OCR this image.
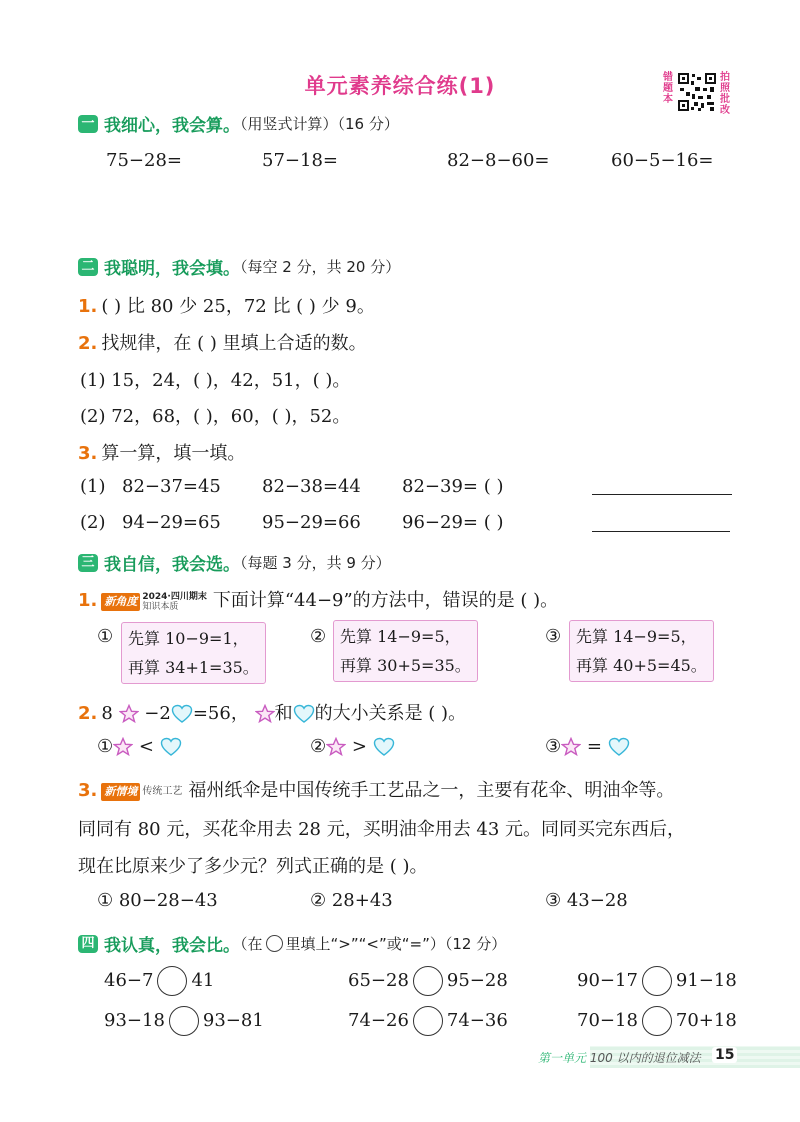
单元素养综合练(1)	错题本
拍照批改
一 我细心，我会算。（用竖式计算）（16 分）
75−28=	57−18=	82−8−60=	60−5−16=
二 我聪明，我会填。（每空 2 分，共 20 分）
1. ( ) 比 80 少 25，72 比 ( ) 少 9。
2. 找规律，在 ( ) 里填上合适的数。
(1) 15，24，( )，42，51，( )。
(2) 72，68，( )，60，( )，52。
3. 算一算，填一填。
(1) 82−37=45 82−38=44 82−39= ( )
(2) 94−29=65 95−29=66 96−29= ( )
三 我自信，我会选。（每题 3 分，共 9 分）
1. 新角度 2024·四川期末
知识本质 下面计算“44−9”的方法中，错误的是 ( )。
① 先算 10−9=1，
再算 34+1=35。
② 先算 14−9=5，
再算 30+5=35。
③ 先算 14−9=5，
再算 40+5=45。
2. 8 −2 =56， 和 的大小关系是 ( )。
① <	② >	③ =
3. 新情境 传统工艺 福州纸伞是中国传统手工艺品之一，主要有花伞、明油伞等。
同同有 80 元，买花伞用去 28 元，买明油伞用去 43 元。同同买完东西后，
现在比原来少了多少元？列式正确的是 ( )。
① 80−28−43	② 28+43	③ 43−28
四 我认真，我会比。（在 里填上“>”“<”或“=”）（12 分）
46−7 41	65−28 95−28	90−17 91−18
93−18 93−81	74−26 74−36	70−18 70+18
第一单元 100 以内的退位减法 15
